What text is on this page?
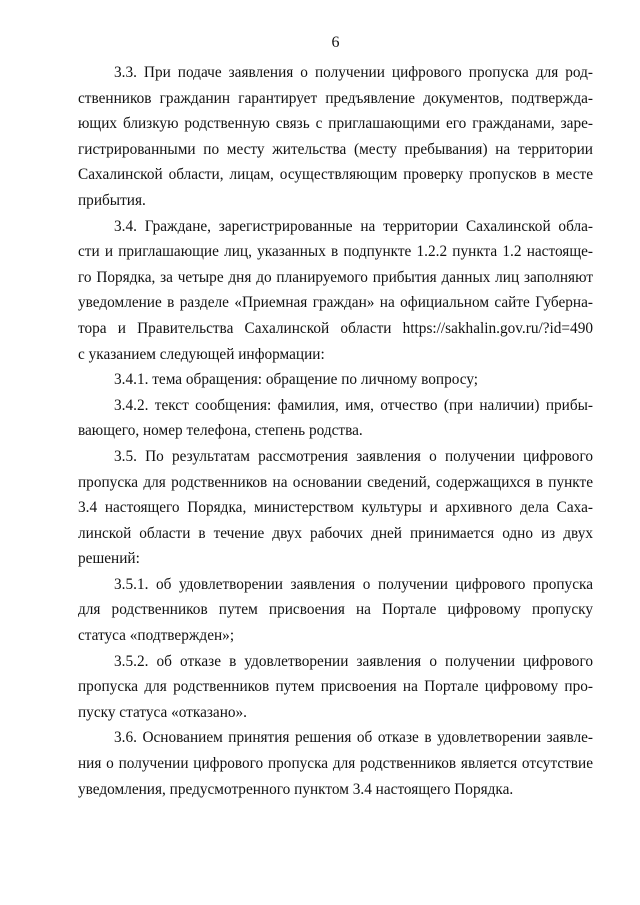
6
3.3. При подаче заявления о получении цифрового пропуска для род-
ственников гражданин гарантирует предъявление документов, подтвержда-
ющих близкую родственную связь с приглашающими его гражданами, заре-
гистрированными по месту жительства (месту пребывания) на территории
Сахалинской области, лицам, осуществляющим проверку пропусков в месте
прибытия.
3.4. Граждане, зарегистрированные на территории Сахалинской обла-
сти и приглашающие лиц, указанных в подпункте 1.2.2 пункта 1.2 настояще-
го Порядка, за четыре дня до планируемого прибытия данных лиц заполняют
уведомление в разделе «Приемная граждан» на официальном сайте Губерна-
тора и Правительства Сахалинской области https://sakhalin.gov.ru/?id=490
с указанием следующей информации:
3.4.1. тема обращения: обращение по личному вопросу;
3.4.2. текст сообщения: фамилия, имя, отчество (при наличии) прибы-
вающего, номер телефона, степень родства.
3.5. По результатам рассмотрения заявления о получении цифрового
пропуска для родственников на основании сведений, содержащихся в пункте
3.4 настоящего Порядка, министерством культуры и архивного дела Саха-
линской области в течение двух рабочих дней принимается одно из двух
решений:
3.5.1. об удовлетворении заявления о получении цифрового пропуска
для родственников путем присвоения на Портале цифровому пропуску
статуса «подтвержден»;
3.5.2. об отказе в удовлетворении заявления о получении цифрового
пропуска для родственников путем присвоения на Портале цифровому про-
пуску статуса «отказано».
3.6. Основанием принятия решения об отказе в удовлетворении заявле-
ния о получении цифрового пропуска для родственников является отсутствие
уведомления, предусмотренного пунктом 3.4 настоящего Порядка.
